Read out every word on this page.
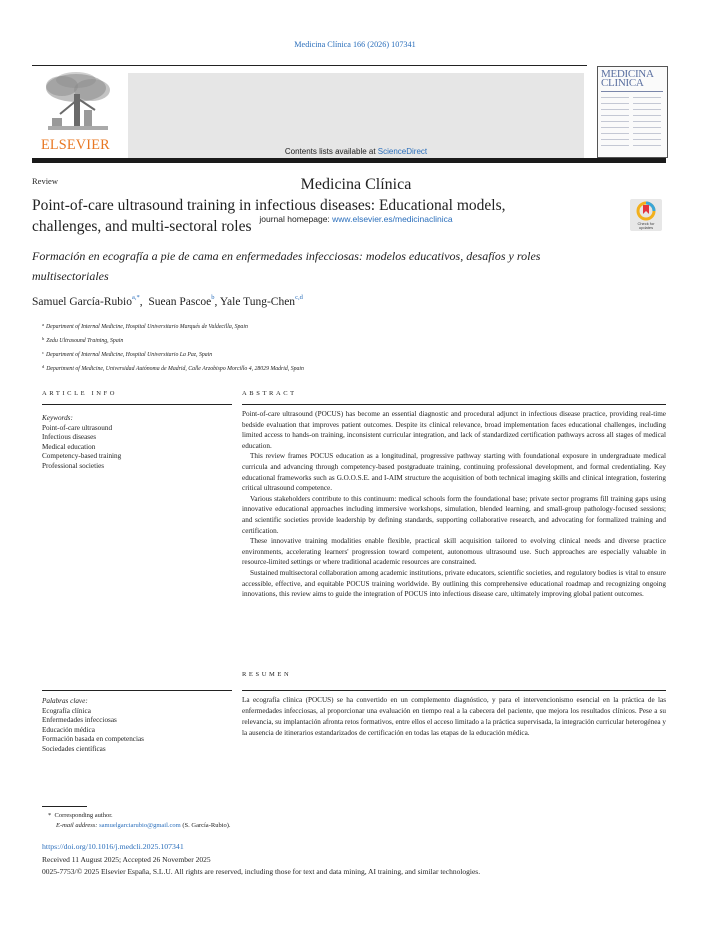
Medicina Clínica 166 (2026) 107341
ELSEVIER	Contents lists available at ScienceDirect
Medicina Clínica
journal homepage: www.elsevier.es/medicinaclinica
MEDICINA
CLINICA
Review
Point-of-care ultrasound training in infectious diseases: Educational models, challenges, and multi-sectoral roles	Check for
updates
Formación en ecografía a pie de cama en enfermedades infecciosas: modelos educativos, desafíos y roles multisectoriales
Samuel García-Rubio$^{a,*}$,  Suean Pascoe$^b$, Yale Tung-Chen$^{c,d}$
$^a$ Department of Internal Medicine, Hospital Universitario Marqués de Valdecilla, Spain
$^b$ Zedu Ultrasound Training, Spain
$^c$ Department of Internal Medicine, Hospital Universitario La Paz, Spain
$^d$ Department of Medicine, Universidad Autónoma de Madrid, Calle Arzobispo Morcillo 4, 28029 Madrid, Spain
ARTICLE INFO
Keywords:
Point-of-care ultrasound
Infectious diseases
Medical education
Competency-based training
Professional societies
ABSTRACT

Point-of-care ultrasound (POCUS) has become an essential diagnostic and procedural adjunct in infectious disease practice, providing real-time bedside evaluation that improves patient outcomes. Despite its clinical relevance, broad implementation faces educational challenges, including limited access to hands-on training, inconsistent curricular integration, and lack of standardized certification pathways across all stages of medical education.

This review frames POCUS education as a longitudinal, progressive pathway starting with foundational exposure in undergraduate medical curricula and advancing through competency-based postgraduate training, continuing professional development, and formal credentialing. Key educational frameworks such as G.O.O.S.E. and I-AIM structure the acquisition of both technical imaging skills and clinical integration, fostering critical ultrasound competence.

Various stakeholders contribute to this continuum: medical schools form the foundational base; private sector programs fill training gaps using innovative educational approaches including immersive workshops, simulation, blended learning, and small-group pathology-focused sessions; and scientific societies provide leadership by defining standards, supporting collaborative research, and advocating for formalized training and certification.

These innovative training modalities enable flexible, practical skill acquisition tailored to evolving clinical needs and diverse practice environments, accelerating learners' progression toward competent, autonomous ultrasound use. Such approaches are especially valuable in resource-limited settings or where traditional academic resources are constrained.

Sustained multisectoral collaboration among academic institutions, private educators, scientific societies, and regulatory bodies is vital to ensure accessible, effective, and equitable POCUS training worldwide. By outlining this comprehensive educational roadmap and recognizing ongoing innovations, this review aims to guide the integration of POCUS into infectious disease care, ultimately improving global patient outcomes.

Palabras clave:
Ecografía clínica
Enfermedades infecciosas
Educación médica
Formación basada en competencias
Sociedades científicas
RESUMEN

La ecografía clínica (POCUS) se ha convertido en un complemento diagnóstico, y para el intervencionismo esencial en la práctica de las enfermedades infecciosas, al proporcionar una evaluación en tiempo real a la cabecera del paciente, que mejora los resultados clínicos. Pese a su relevancia, su implantación afronta retos formativos, entre ellos el acceso limitado a la práctica supervisada, la integración curricular heterogénea y la ausencia de itinerarios estandarizados de certificación en todas las etapas de la educación médica.

* Corresponding author.
E-mail address: samuelgarciarubio@gmail.com (S. García-Rubio).
https://doi.org/10.1016/j.medcli.2025.107341
Received 11 August 2025; Accepted 26 November 2025
0025-7753/© 2025 Elsevier España, S.L.U. All rights are reserved, including those for text and data mining, AI training, and similar technologies.
